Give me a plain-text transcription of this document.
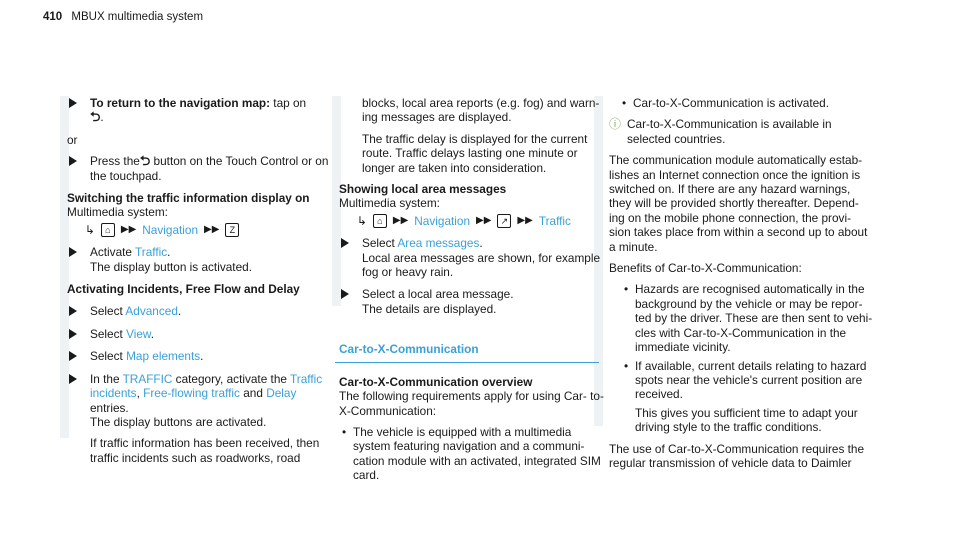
410 MBUX multimedia system
To return to the navigation map: tap on
⮌.

or

Press the⮌ button on the Touch Control or on the touchpad.
Switching the traffic information display on
Multimedia system:
↳	⌂	▶▶ Navigation ▶▶	Z
Activate Traffic.
The display button is activated.
Activating Incidents, Free Flow and Delay
Select Advanced.
Select View.
Select Map elements.
In the TRAFFIC category, activate the Traffic incidents, Free-flowing traffic and Delay entries.
The display buttons are activated.

If traffic information has been received, then traffic incidents such as roadworks, road

blocks, local area reports (e.g. fog) and warn- ing messages are displayed.

The traffic delay is displayed for the current route. Traffic delays lasting one minute or longer are taken into consideration.

Showing local area messages
Multimedia system:
↳	⌂	▶▶ Navigation ▶▶	↗ ▶▶ Traffic
Select Area messages.
Local area messages are shown, for example fog or heavy rain.
Select a local area message.
The details are displayed.
Car-to-X-Communication
Car-to-X-Communication overview

The following requirements apply for using Car- to-X-Communication:

• The vehicle is equipped with a multimedia system featuring navigation and a communi- cation module with an activated, integrated SIM card.
• Car-to-X-Communication is activated.
ⓘ Car-to-X-Communication is available in selected countries.

The communication module automatically estab- lishes an Internet connection once the ignition is switched on. If there are any hazard warnings, they will be provided shortly thereafter. Depend- ing on the mobile phone connection, the provi- sion takes place from within a second up to about a minute.

Benefits of Car-to-X-Communication:

• Hazards are recognised automatically in the background by the vehicle or may be repor- ted by the driver. These are then sent to vehi- cles with Car-to-X-Communication in the immediate vicinity.
• If available, current details relating to hazard spots near the vehicle's current position are received.
This gives you sufficient time to adapt your driving style to the traffic conditions.

The use of Car-to-X-Communication requires the regular transmission of vehicle data to Daimler
